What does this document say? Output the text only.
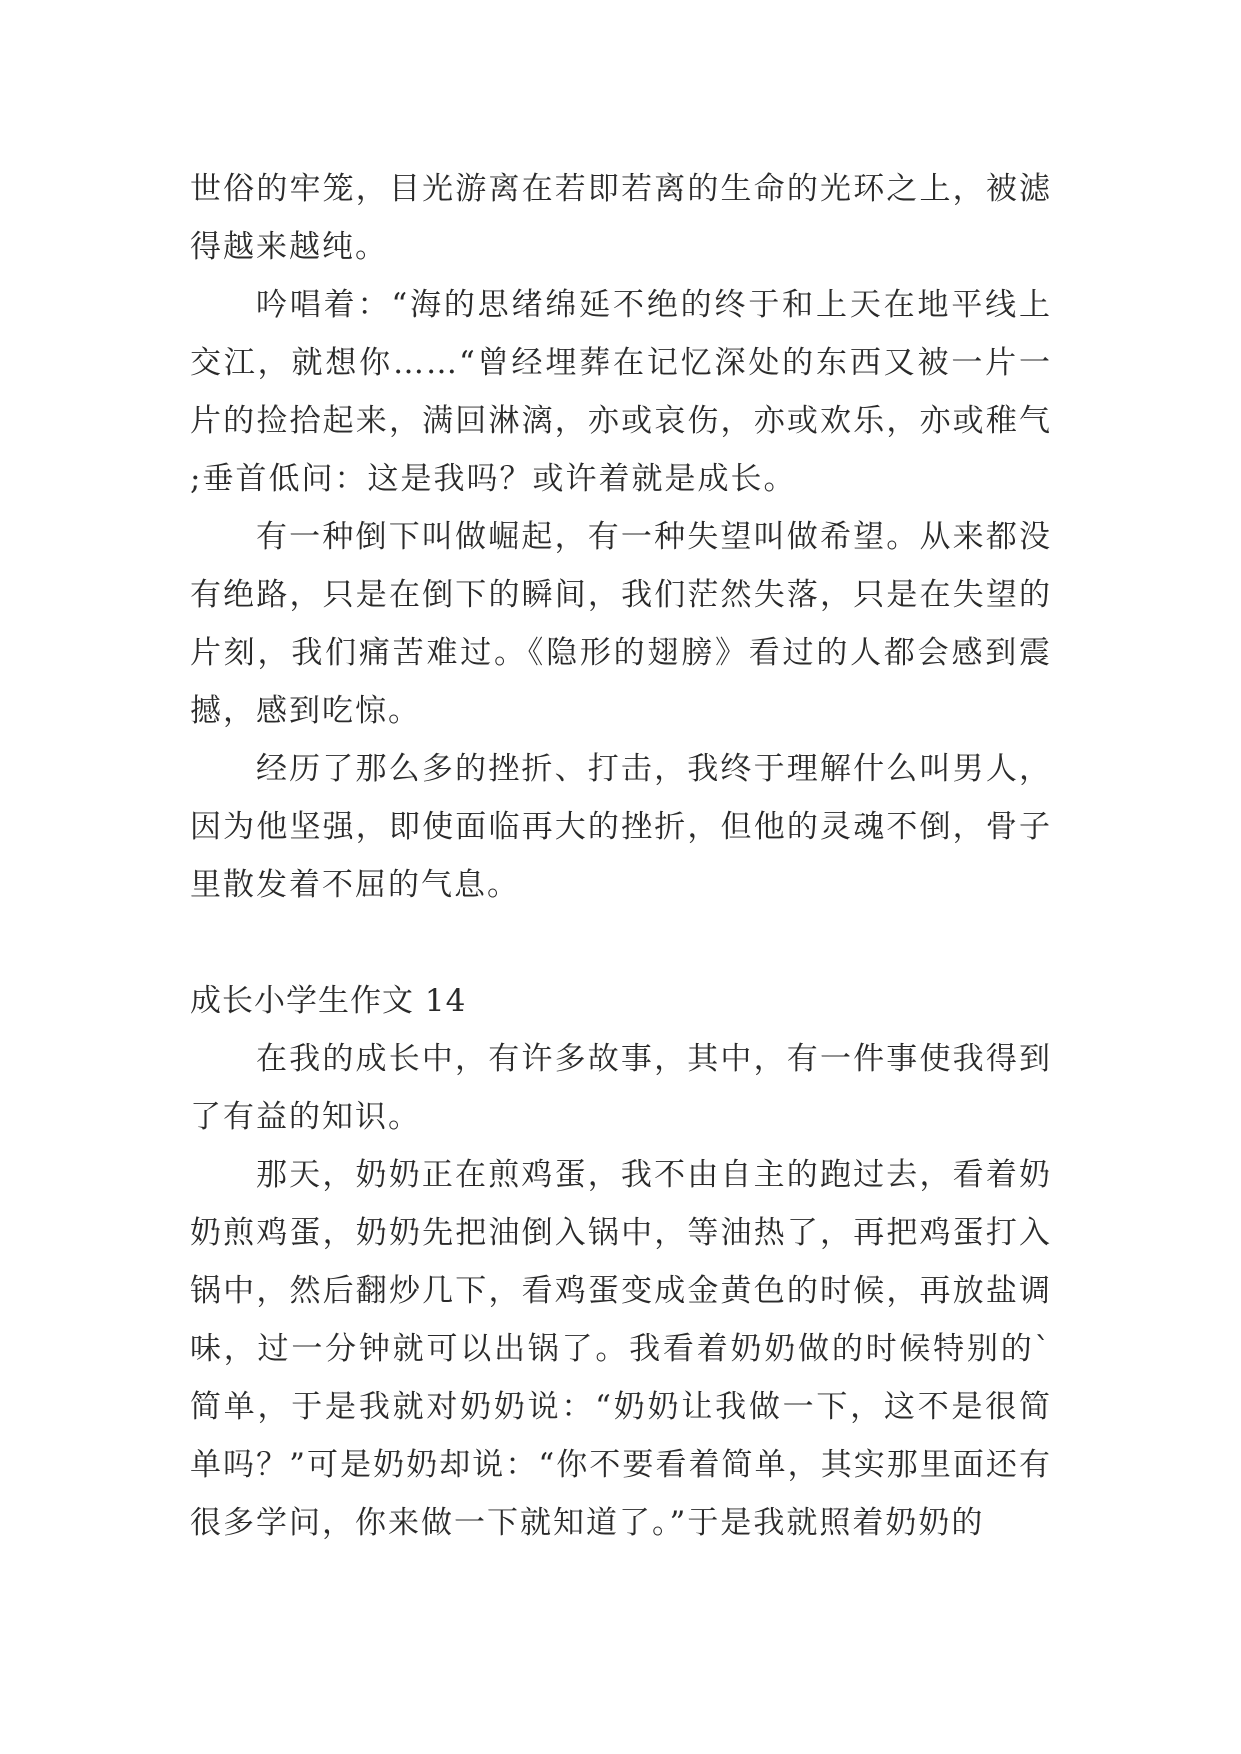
世俗的牢笼，目光游离在若即若离的生命的光环之上，被滤得越来越纯。

吟唱着：“海的思绪绵延不绝的终于和上天在地平线上交江，就想你……“曾经埋葬在记忆深处的东西又被一片一片的捡拾起来，满回淋漓，亦或哀伤，亦或欢乐，亦或稚气;垂首低问：这是我吗？或许着就是成长。

有一种倒下叫做崛起，有一种失望叫做希望。从来都没有绝路，只是在倒下的瞬间，我们茫然失落，只是在失望的片刻，我们痛苦难过。《隐形的翅膀》看过的人都会感到震撼，感到吃惊。

经历了那么多的挫折、打击，我终于理解什么叫男人，因为他坚强，即使面临再大的挫折，但他的灵魂不倒，骨子里散发着不屈的气息。

成长小学生作文 14

在我的成长中，有许多故事，其中，有一件事使我得到了有益的知识。

那天，奶奶正在煎鸡蛋，我不由自主的跑过去，看着奶奶煎鸡蛋，奶奶先把油倒入锅中，等油热了，再把鸡蛋打入锅中，然后翻炒几下，看鸡蛋变成金黄色的时候，再放盐调味，过一分钟就可以出锅了。我看着奶奶做的时候特别的`简单，于是我就对奶奶说：“奶奶让我做一下，这不是很简单吗？”可是奶奶却说：“你不要看着简单，其实那里面还有很多学问，你来做一下就知道了。”于是我就照着奶奶的
